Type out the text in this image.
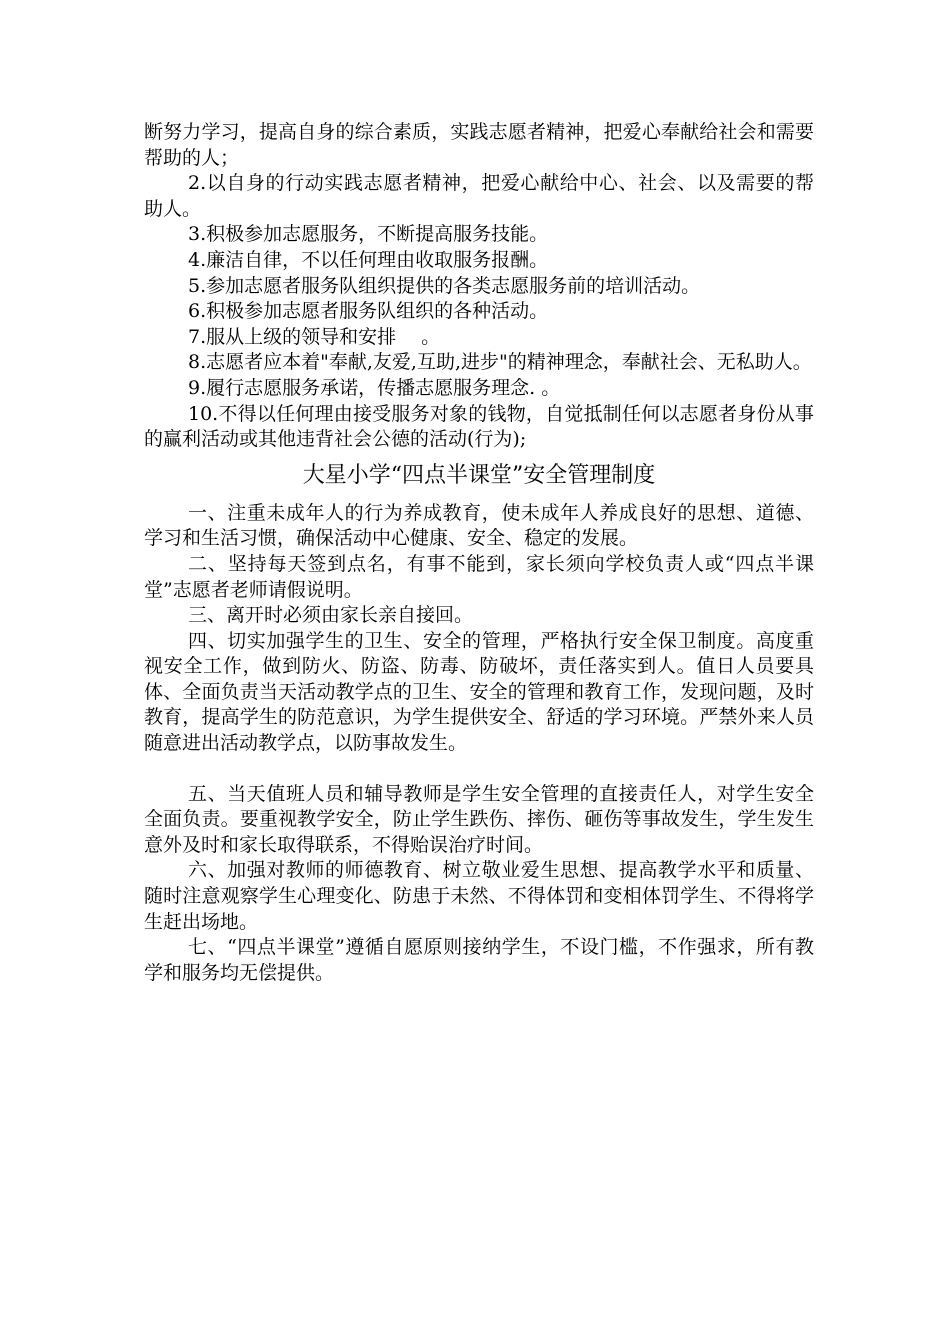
断努力学习，提高自身的综合素质，实践志愿者精神，把爱心奉献给社会和需要帮助的人；

2.以自身的行动实践志愿者精神，把爱心献给中心、社会、以及需要的帮助人。

3.积极参加志愿服务，不断提高服务技能。

4.廉洁自律，不以任何理由收取服务报酬。

5.参加志愿者服务队组织提供的各类志愿服务前的培训活动。

6.积极参加志愿者服务队组织的各种活动。

7.服从上级的领导和安排 　。

8.志愿者应本着"奉献,友爱,互助,进步"的精神理念，奉献社会、无私助人。

9.履行志愿服务承诺，传播志愿服务理念. 。

10.不得以任何理由接受服务对象的钱物，自觉抵制任何以志愿者身份从事的赢利活动或其他违背社会公德的活动(行为);

大星小学“四点半课堂”安全管理制度

一、注重未成年人的行为养成教育，使未成年人养成良好的思想、道德、学习和生活习惯，确保活动中心健康、安全、稳定的发展。

二、坚持每天签到点名，有事不能到，家长须向学校负责人或“四点半课堂”志愿者老师请假说明。

三、离开时必须由家长亲自接回。

四、切实加强学生的卫生、安全的管理，严格执行安全保卫制度。高度重视安全工作，做到防火、防盗、防毒、防破坏，责任落实到人。值日人员要具体、全面负责当天活动教学点的卫生、安全的管理和教育工作，发现问题，及时教育，提高学生的防范意识，为学生提供安全、舒适的学习环境。严禁外来人员随意进出活动教学点，以防事故发生。

五、当天值班人员和辅导教师是学生安全管理的直接责任人，对学生安全全面负责。要重视教学安全，防止学生跌伤、摔伤、砸伤等事故发生，学生发生意外及时和家长取得联系，不得贻误治疗时间。

六、加强对教师的师德教育、树立敬业爱生思想、提高教学水平和质量、随时注意观察学生心理变化、防患于未然、不得体罚和变相体罚学生、不得将学生赶出场地。

七、“四点半课堂”遵循自愿原则接纳学生，不设门槛，不作强求，所有教学和服务均无偿提供。
